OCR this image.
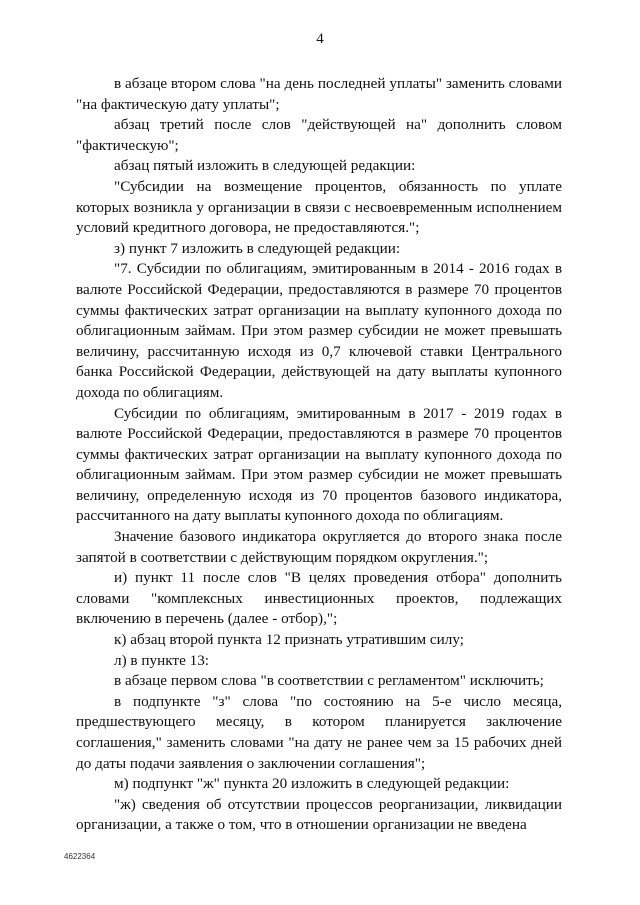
4

в абзаце втором слова "на день последней уплаты" заменить словами "на фактическую дату уплаты";

абзац третий после слов "действующей на" дополнить словом "фактическую";

абзац пятый изложить в следующей редакции:

"Субсидии на возмещение процентов, обязанность по уплате которых возникла у организации в связи с несвоевременным исполнением условий кредитного договора, не предоставляются.";

з) пункт 7 изложить в следующей редакции:

"7. Субсидии по облигациям, эмитированным в 2014 - 2016 годах в валюте Российской Федерации, предоставляются в размере 70 процентов суммы фактических затрат организации на выплату купонного дохода по облигационным займам. При этом размер субсидии не может превышать величину, рассчитанную исходя из 0,7 ключевой ставки Центрального банка Российской Федерации, действующей на дату выплаты купонного дохода по облигациям.

Субсидии по облигациям, эмитированным в 2017 - 2019 годах в валюте Российской Федерации, предоставляются в размере 70 процентов суммы фактических затрат организации на выплату купонного дохода по облигационным займам. При этом размер субсидии не может превышать величину, определенную исходя из 70 процентов базового индикатора, рассчитанного на дату выплаты купонного дохода по облигациям.

Значение базового индикатора округляется до второго знака после запятой в соответствии с действующим порядком округления.";

и) пункт 11 после слов "В целях проведения отбора" дополнить словами "комплексных инвестиционных проектов, подлежащих включению в перечень (далее - отбор),";

к) абзац второй пункта 12 признать утратившим силу;

л) в пункте 13:

в абзаце первом слова "в соответствии с регламентом" исключить;

в подпункте "з" слова "по состоянию на 5-е число месяца, предшествующего месяцу, в котором планируется заключение соглашения," заменить словами "на дату не ранее чем за 15 рабочих дней до даты подачи заявления о заключении соглашения";

м) подпункт "ж" пункта 20 изложить в следующей редакции:

"ж) сведения об отсутствии процессов реорганизации, ликвидации организации, а также о том, что в отношении организации не введена

4622364
